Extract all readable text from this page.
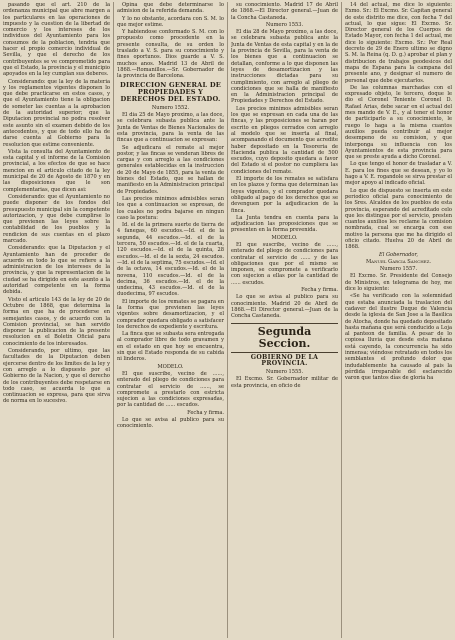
pasando que el art. 210 de la ordenanza municipal que abre margen a los particulares en las operaciones de impuesto y la cuestion de la libertad de comercio y los intereses de los individuos del Ayuntamiento para los consumos de la poblacion, tendria que hacer el propio comercio individual de Sevilla, y que el derecho de los contribuyentes se ve comprometido para que el Estado, la provincia y el municipio apoyados en la ley cumplan sus deberes.

Considerando: que la ley de la materia y los reglamentos vigentes disponen lo que debe practicarse en estos casos, y que el Ayuntamiento tiene la obligacion de someter las cuentas a la aprobacion de la autoridad superior; que la Diputacion provincial no podra resolver este asunto sin el examen debido de los antecedentes, y que de todo ello ha de darse cuenta al Gobierno para la resolucion que estime conveniente.

Vista la consulta del Ayuntamiento de esta capital y el informe de la Comision provincial, a los efectos de que se hace mencion en el articulo citado de la ley municipal de 20 de Agosto de 1870 y en las disposiciones que le son complementarias, que dicen asi:

Considerando: que el Ayuntamiento no puede disponer de los fondos del presupuesto municipal sin la competente autorizacion, y que debe cumplirse lo que previenen las leyes sobre la contabilidad de los pueblos y la rendicion de sus cuentas en el plazo marcado.

Considerando: que la Diputacion y el Ayuntamiento han de proceder de acuerdo en todo lo que se refiere a la administracion de los intereses de la provincia, y que la representacion de la ciudad se ha dirigido en este asunto a la autoridad competente en la forma debida.

Visto el articulo 143 de la ley de 20 de Octubre de 1868, que determina la forma en que ha de procederse en semejantes casos, y de acuerdo con la Comision provincial, se han servido disponer la publicacion de la presente resolucion en el Boletin Oficial para conocimiento de los interesados.

Considerando, por ultimo, que las facultades de la Diputacion deben ejercerse dentro de los limites de la ley y con arreglo a lo dispuesto por el Gobierno de la Nacion, y que el derecho de los contribuyentes debe respetarse en todo caso, se acuerda lo que a continuacion se expresa, para que sirva de norma en lo sucesivo.

Opina que debe determinarse lo admision de la referida demanda.

Y lo no obstante, acordara con S. M. lo que mejor estime.

Y habiendose conformado S. M. con lo propuesto como procedente en la presente consulta, de su orden lo traslado a V. S. para su conocimiento y fines oportunos. Dios guarde a V. S. muchos anos. Madrid 13 de Abril de 1868.—Romanillos.—Sr. Gobernador de la provincia de Barcelona.

DIRECCION GENERAL DE PROPIEDADES Y DERECHOS DEL ESTADO.

Numero 1552.

El dia 25 de Mayo proximo, a las doce, se celebrara subasta publica ante la Junta de Ventas de Bienes Nacionales de esta provincia, para la venta de las fincas que a continuacion se expresan:

Se adjudicara el remate al mejor postor, y las fincas se venderan libres de cargas y con arreglo a las condiciones generales establecidas en la instruccion de 20 de Mayo de 1855, para la venta de bienes del Estado, que se hallan de manifiesto en la Administracion principal de Propiedades.

Las precios minimos admisibles seran los que a continuacion se expresan, de los cuales no podra bajarse en ningun caso la postura:

Id. el de la primera suerte de tierra de 4 fanegas, 60 escudos.—Id. el de la segunda, 44 escudos.—Id. el de la tercera, 50 escudos.—Id. el de la cuarta, 120 escudos.—Id. el de la quinta, 28 escudos.—Id. el de la sexta, 24 escudos.—Id. el de la septima, 75 escudos.—Id. el de la octava, 14 escudos.—Id. el de la novena, 110 escudos.—Id. el de la decima, 36 escudos.—Id. el de la undecima, 43 escudos.—Id. el de la duodecima, 97 escudos.

El importe de los remates se pagara en la forma que previenen las leyes vigentes sobre desamortizacion, y el comprador quedara obligado a satisfacer los derechos de expediente y escritura.

La finca que se subasta sera entregada al comprador libre de todo gravamen y en el estado en que hoy se encuentra, sin que el Estado responda de su cabida ni linderos.

MODELO.

El que suscribe, vecino de ......, enterado del pliego de condiciones para contratar el servicio de ......, se compromete a prestarlo con estricta sujecion a las condiciones expresadas, por la cantidad de ...... escudos.

Fecha y firma.

Lo que se avisa al publico para su conocimiento.

su conocimiento. Madrid 17 de Abril de 1868.—El Director general.—Juan de la Concha Castaneda.

Numero 1553.

El dia 28 de Mayo proximo, a las doce, se celebrara subasta publica ante la Junta de Ventas de esta capital y en la de la provincia de Sevilla, para la venta de los bienes que a continuacion se detallan, conforme a lo que disponen las leyes de desamortizacion y las instrucciones dictadas para su cumplimiento, con arreglo al pliego de condiciones que se halla de manifiesto en la Administracion principal de Propiedades y Derechos del Estado.

Los precios minimos admisibles seran los que se expresan en cada una de las fincas, y las proposiciones se haran por escrito en pliegos cerrados con arreglo al modelo que se inserta al final, acompanando el documento que acredite haber depositado en la Tesoreria de Hacienda publica la cantidad de 500 escudos, cuyo deposito quedara a favor del Estado si el postor no cumpliera las condiciones del remate.

El importe de los remates se satisfara en los plazos y forma que determinan las leyes vigentes, y el comprador quedara obligado al pago de los derechos que se devenguen por la adjudicacion de la finca.

La Junta tendra en cuenta para la adjudicacion las proposiciones que se presenten en la forma prevenida.

MODELO.

El que suscribe, vecino de ......, enterado del pliego de condiciones para contratar el servicio de ...... y de las obligaciones que por el mismo se imponen, se compromete a verificarlo con sujecion a ellas por la cantidad de ...... escudos.

Fecha y firma.

Lo que se avisa al publico para su conocimiento. Madrid 20 de Abril de 1868.—El Director general.—Juan de la Concha Castaneda.

Segunda Seccion.
GOBIERNO DE LA PROVINCIA.

Numero 1555.

El Excmo. Sr. Gobernador militar de esta provincia, en oficio de

14 del actual, me dice lo siguiente: Exmo. Sr.: El Excmo. Sr. Capitan general de este distrito me dice, con fecha 7 del actual, lo que sigue: El Excmo. Sr. Director general de los Cuerpos de Estado Mayor, con fecha 1 del actual, me dice lo siguiente: Excmo. Sr.: Por Real decreto de 29 de Enero ultimo se digno S. M. la Reina (q. D. g.) aprobar el plan y distribucion de trabajos geodesicos del mapa de Espana para la campana del presente ano, y designar el numero de personal que debe ejecutarlos.

De las columnas marchadas con el expresado objeto, le tercero, doque le dio el Coronel Teniente Coronel D. Rafael Arias, debe sacar en el actual del mes mando de V. E., y al tener el honor de participarlo a su conocimiento, le ruego lo haga a la misma cuantos auxilios pueda contribuir al mejor desempeno de su comision, y que interponga su influencia con los Ayuntamientos de esta provincia para que se preste ayuda a dicho Coronel.

Lo que tengo el honor de trasladar a V. E. para los fines que se desean, y yo lo hago a V. E. rogandole se sirva prestar el mejor apoyo al indicado oficial.

Lo que de dispuesto se inserta en este periodico oficial para conocimiento de los Sres. Alcaldes de los pueblos de esta provincia, esperando del acreditado celo que les distingue por el servicio, presten cuantos auxilios les reclame la comision nombrada, cual se encarga con ese motivo la persona que me ha dirigido el oficio citado. Huelva 20 de Abril de 1868.

El Gobernador,

Manuel Garcia Sanchez.

Numero 1557.

El Excmo. Sr. Presidente del Consejo de Ministros, en telegrama de hoy, me dice lo siguiente:

«Se ha verificado con la solemnidad que estaba anunciada la traslacion del cadaver del ilustre Duque de Valencia desde la iglesia de San Jose a la Basilica de Atocha, donde ha quedado depositado hasta mañana que será conducido a Loja al panteon de familia. A pesar de lo copiosa lluvia que desde esta mañana está cayendo, la concurrencia ha sido inmensa; viéndose retratado en todos los semblantes el profundo dolor que indudablemente ha causado al pais la pérdida irreparable del esclarecido varon que tantos días de gloria ha
